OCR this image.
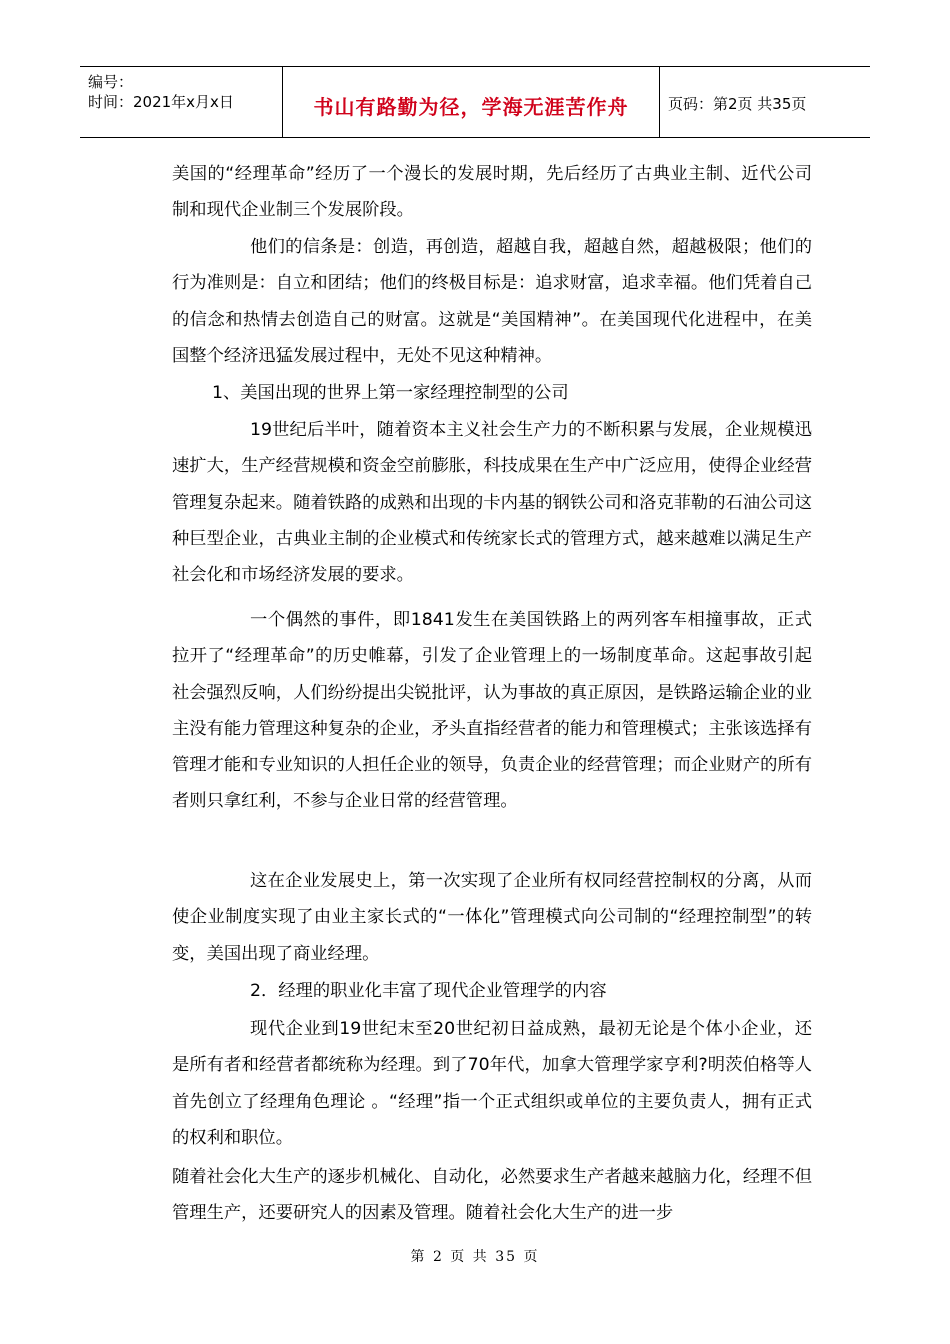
编号：
时间：2021年x月x日	书山有路勤为径，学海无涯苦作舟	页码：第2页 共35页

美国的“经理革命”经历了一个漫长的发展时期，先后经历了古典业主制、近代公司制和现代企业制三个发展阶段。

他们的信条是：创造，再创造，超越自我，超越自然，超越极限；他们的行为准则是：自立和团结；他们的终极目标是：追求财富，追求幸福。他们凭着自己的信念和热情去创造自己的财富。这就是“美国精神”。在美国现代化进程中，在美国整个经济迅猛发展过程中，无处不见这种精神。

1、美国出现的世界上第一家经理控制型的公司

19世纪后半叶，随着资本主义社会生产力的不断积累与发展，企业规模迅速扩大，生产经营规模和资金空前膨胀，科技成果在生产中广泛应用，使得企业经营管理复杂起来。随着铁路的成熟和出现的卡内基的钢铁公司和洛克菲勒的石油公司这种巨型企业，古典业主制的企业模式和传统家长式的管理方式，越来越难以满足生产社会化和市场经济发展的要求。

一个偶然的事件，即1841发生在美国铁路上的两列客车相撞事故，正式拉开了“经理革命”的历史帷幕，引发了企业管理上的一场制度革命。这起事故引起社会强烈反响，人们纷纷提出尖锐批评，认为事故的真正原因，是铁路运输企业的业主没有能力管理这种复杂的企业，矛头直指经营者的能力和管理模式；主张该选择有管理才能和专业知识的人担任企业的领导，负责企业的经营管理；而企业财产的所有者则只拿红利，不参与企业日常的经营管理。

这在企业发展史上，第一次实现了企业所有权同经营控制权的分离，从而使企业制度实现了由业主家长式的“一体化”管理模式向公司制的“经理控制型”的转变，美国出现了商业经理。

2．经理的职业化丰富了现代企业管理学的内容

现代企业到19世纪末至20世纪初日益成熟，最初无论是个体小企业，还是所有者和经营者都统称为经理。到了70年代，加拿大管理学家亨利?明茨伯格等人首先创立了经理角色理论 。“经理”指一个正式组织或单位的主要负责人，拥有正式的权利和职位。

随着社会化大生产的逐步机械化、自动化，必然要求生产者越来越脑力化，经理不但管理生产，还要研究人的因素及管理。随着社会化大生产的进一步

第 2 页 共 35 页
